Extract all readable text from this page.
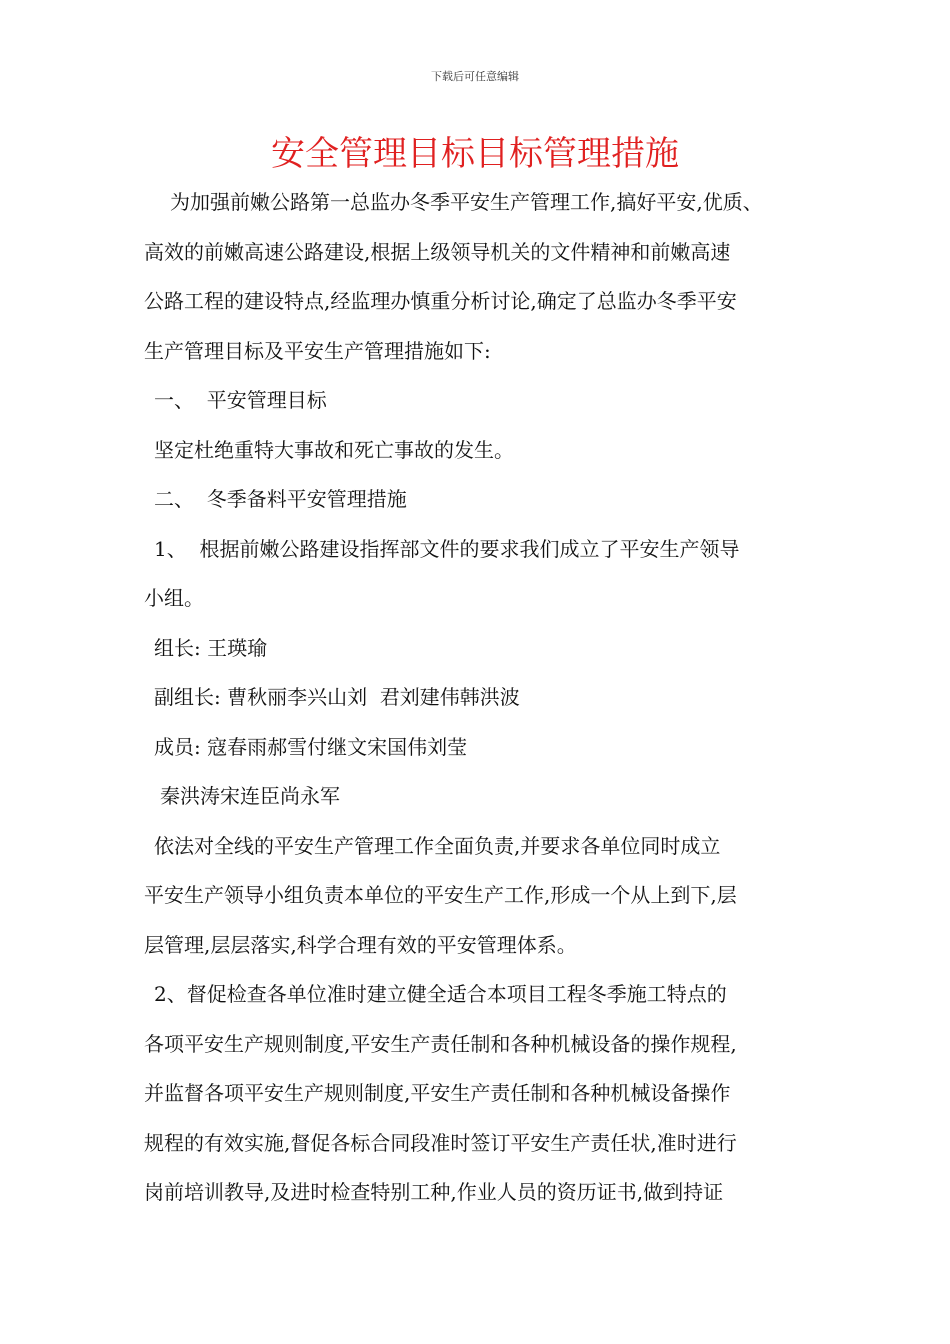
下载后可任意编辑
安全管理目标目标管理措施
为加强前嫩公路第一总监办冬季平安生产管理工作,搞好平安,优质、
高效的前嫩高速公路建设,根据上级领导机关的文件精神和前嫩高速
公路工程的建设特点,经监理办慎重分析讨论,确定了总监办冬季平安
生产管理目标及平安生产管理措施如下:
一、  平安管理目标
坚定杜绝重特大事故和死亡事故的发生。
二、  冬季备料平安管理措施
1、  根据前嫩公路建设指挥部文件的要求我们成立了平安生产领导
小组。
组长: 王瑛瑜
副组长: 曹秋丽李兴山刘  君刘建伟韩洪波
成员: 寇春雨郝雪付继文宋国伟刘莹
秦洪涛宋连臣尚永军
依法对全线的平安生产管理工作全面负责,并要求各单位同时成立
平安生产领导小组负责本单位的平安生产工作,形成一个从上到下,层
层管理,层层落实,科学合理有效的平安管理体系。
2、督促检查各单位准时建立健全适合本项目工程冬季施工特点的
各项平安生产规则制度,平安生产责任制和各种机械设备的操作规程,
并监督各项平安生产规则制度,平安生产责任制和各种机械设备操作
规程的有效实施,督促各标合同段准时签订平安生产责任状,准时进行
岗前培训教导,及进时检查特别工种,作业人员的资历证书,做到持证
